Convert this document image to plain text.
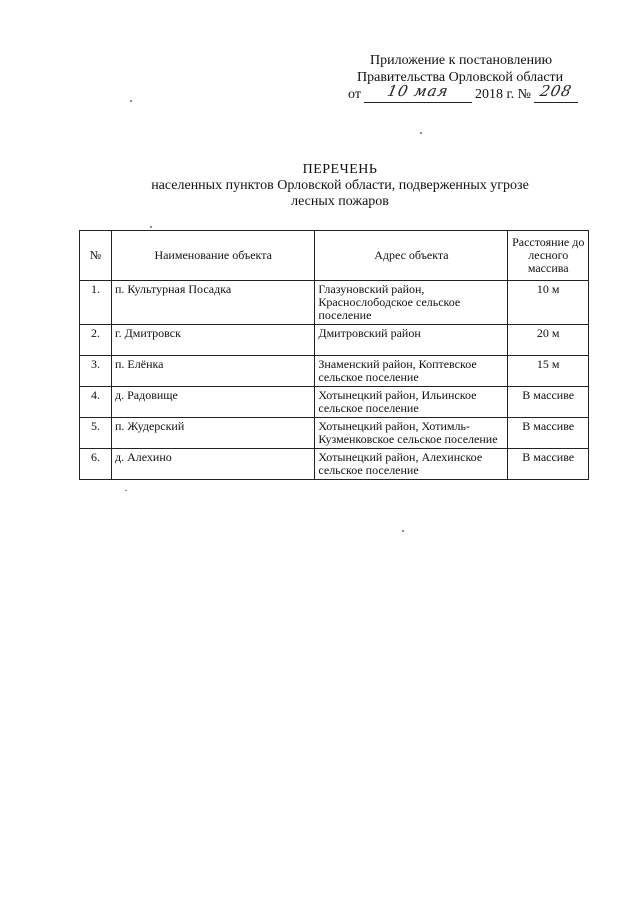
Приложение к постановлению
Правительства Орловской области
от	10 мая	2018 г. № 208
ПЕРЕЧЕНЬ
населенных пунктов Орловской области, подверженных угрозе
лесных пожаров
№	Наименование объекта	Адрес объекта	Расстояние до лесного массива
1.	п. Культурная Посадка	Глазуновский район, Краснослободское сельское поселение	10 м
2.	г. Дмитровск	Дмитровский район	20 м
3.	п. Елёнка	Знаменский район, Коптевское сельское поселение	15 м
4.	д. Радовище	Хотынецкий район, Ильинское сельское поселение	В массиве
5.	п. Жудерский	Хотынецкий район, Хотимль-Кузменковское сельское поселение	В массиве
6.	д. Алехино	Хотынецкий район, Алехинское сельское поселение	В массиве
